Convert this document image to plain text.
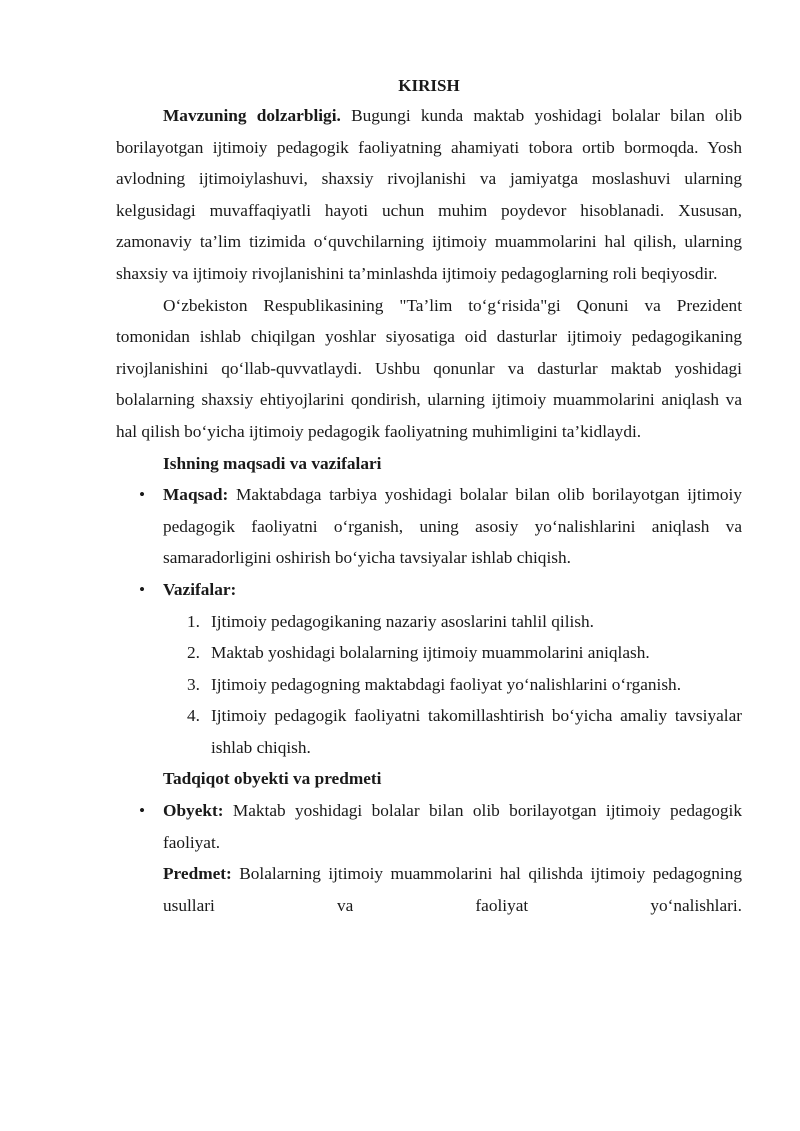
KIRISH

Mavzuning dolzarbligi. Bugungi kunda maktab yoshidagi bolalar bilan olib borilayotgan ijtimoiy pedagogik faoliyatning ahamiyati tobora ortib bormoqda. Yosh avlodning ijtimoiylashuvi, shaxsiy rivojlanishi va jamiyatga moslashuvi ularning kelgusidagi muvaffaqiyatli hayoti uchun muhim poydevor hisoblanadi. Xususan, zamonaviy ta’lim tizimida o‘quvchilarning ijtimoiy muammolarini hal qilish, ularning shaxsiy va ijtimoiy rivojlanishini ta’minlashda ijtimoiy pedagoglarning roli beqiyosdir.

O‘zbekiston Respublikasining "Ta’lim to‘g‘risida"gi Qonuni va Prezident tomonidan ishlab chiqilgan yoshlar siyosatiga oid dasturlar ijtimoiy pedagogikaning rivojlanishini qo‘llab-quvvatlaydi. Ushbu qonunlar va dasturlar maktab yoshidagi bolalarning shaxsiy ehtiyojlarini qondirish, ularning ijtimoiy muammolarini aniqlash va hal qilish bo‘yicha ijtimoiy pedagogik faoliyatning muhimligini ta’kidlaydi.

Ishning maqsadi va vazifalari

• Maqsad: Maktabdaga tarbiya yoshidagi bolalar bilan olib borilayotgan ijtimoiy pedagogik faoliyatni o‘rganish, uning asosiy yo‘nalishlarini aniqlash va samaradorligini oshirish bo‘yicha tavsiyalar ishlab chiqish.
• Vazifalar:
1. Ijtimoiy pedagogikaning nazariy asoslarini tahlil qilish.
2. Maktab yoshidagi bolalarning ijtimoiy muammolarini aniqlash.
3. Ijtimoiy pedagogning maktabdagi faoliyat yo‘nalishlarini o‘rganish.
4. Ijtimoiy pedagogik faoliyatni takomillashtirish bo‘yicha amaliy tavsiyalar ishlab chiqish.

Tadqiqot obyekti va predmeti

• Obyekt: Maktab yoshidagi bolalar bilan olib borilayotgan ijtimoiy pedagogik faoliyat.

Predmet: Bolalarning ijtimoiy muammolarini hal qilishda ijtimoiy pedagogning usullari va faoliyat yo‘nalishlari.
